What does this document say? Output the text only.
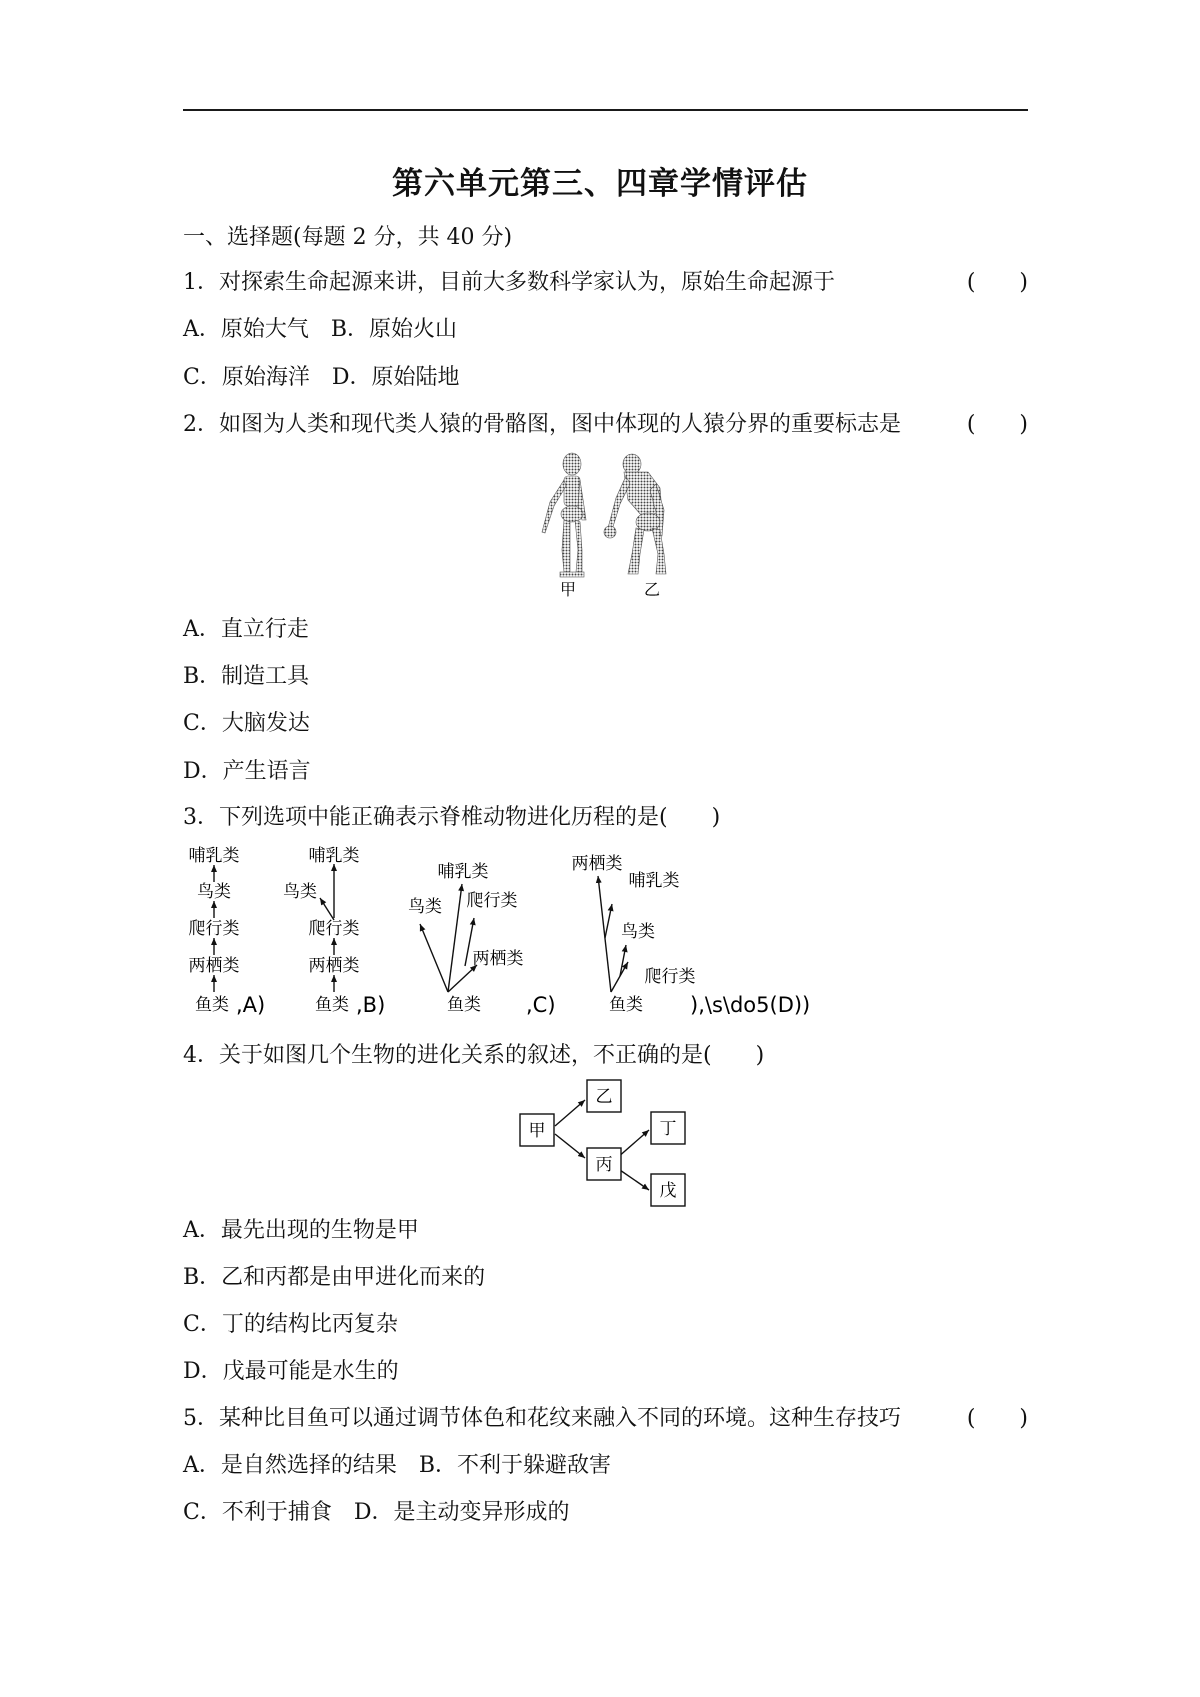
第六单元第三、四章学情评估
一、选择题(每题 2 分，共 40 分)
1．对探索生命起源来讲，目前大多数科学家认为，原始生命起源于	(　　)
A．原始大气　B．原始火山
C．原始海洋　D．原始陆地
2．如图为人类和现代类人猿的骨骼图，图中体现的人猿分界的重要标志是	(　　)
甲	乙
A．直立行走
B．制造工具
C．大脑发达
D．产生语言
3．下列选项中能正确表示脊椎动物进化历程的是(　　)
哺乳类
鸟类
爬行类
两栖类
鱼类
哺乳类
鸟类
爬行类
两栖类
鱼类
哺乳类
鸟类 爬行类
两栖类
鱼类
两栖类
哺乳类
鸟类
爬行类
鱼类
,A)	,B)	,C)	),\s\do5(D))
4．关于如图几个生物的进化关系的叙述，不正确的是(　　)
甲
乙
丙
丁
戊
A．最先出现的生物是甲
B．乙和丙都是由甲进化而来的
C．丁的结构比丙复杂
D．戊最可能是水生的
5．某种比目鱼可以通过调节体色和花纹来融入不同的环境。这种生存技巧	(　　)
A．是自然选择的结果　B．不利于躲避敌害
C．不利于捕食　D．是主动变异形成的
